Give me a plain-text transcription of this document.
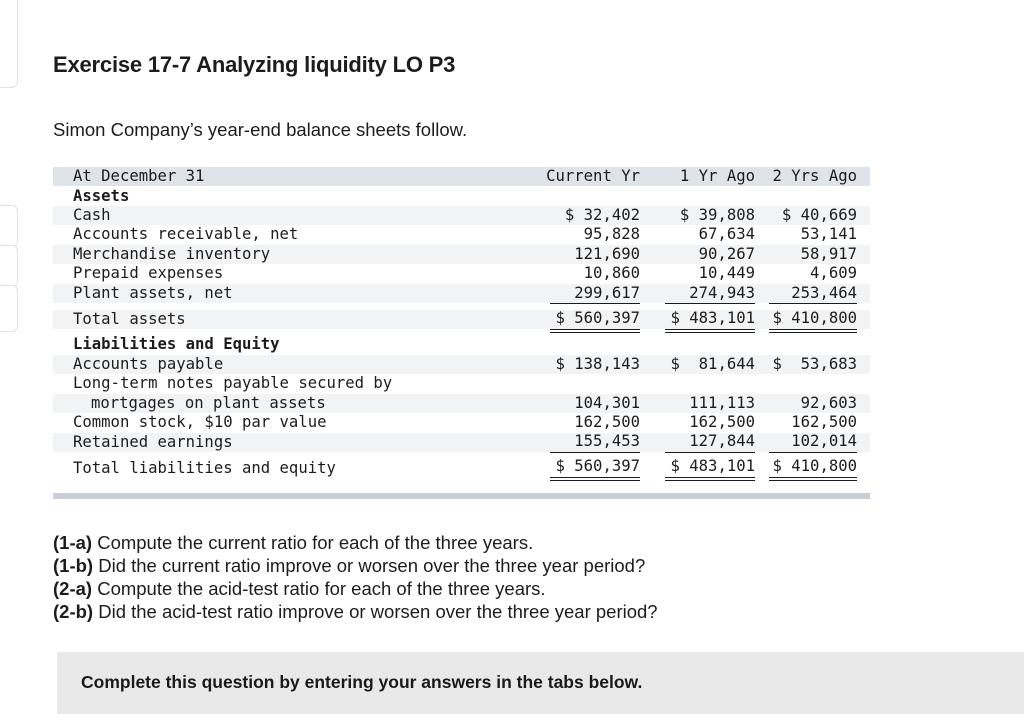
Exercise 17-7 Analyzing liquidity LO P3

Simon Company’s year-end balance sheets follow.

At December 31	Current Yr	1 Yr Ago 2 Yrs Ago
Assets
Cash	$ 32,402	$ 39,808 $ 40,669
Accounts receivable, net	95,828	67,634	53,141
Merchandise inventory	121,690	90,267	58,917
Prepaid expenses	10,860	10,449	4,609
Plant assets, net	299,617	274,943 253,464
Total assets	$ 560,397 $ 483,101 $ 410,800
Liabilities and Equity
Accounts payable	$ 138,143 $  81,644 $  53,683
Long-term notes payable secured by
mortgages on plant assets	104,301	111,113	92,603
Common stock, $10 par value	162,500	162,500 162,500
Retained earnings	155,453	127,844 102,014
Total liabilities and equity	$ 560,397 $ 483,101 $ 410,800

(1-a) Compute the current ratio for each of the three years.

(1-b) Did the current ratio improve or worsen over the three year period?

(2-a) Compute the acid-test ratio for each of the three years.

(2-b) Did the acid-test ratio improve or worsen over the three year period?

Complete this question by entering your answers in the tabs below.
